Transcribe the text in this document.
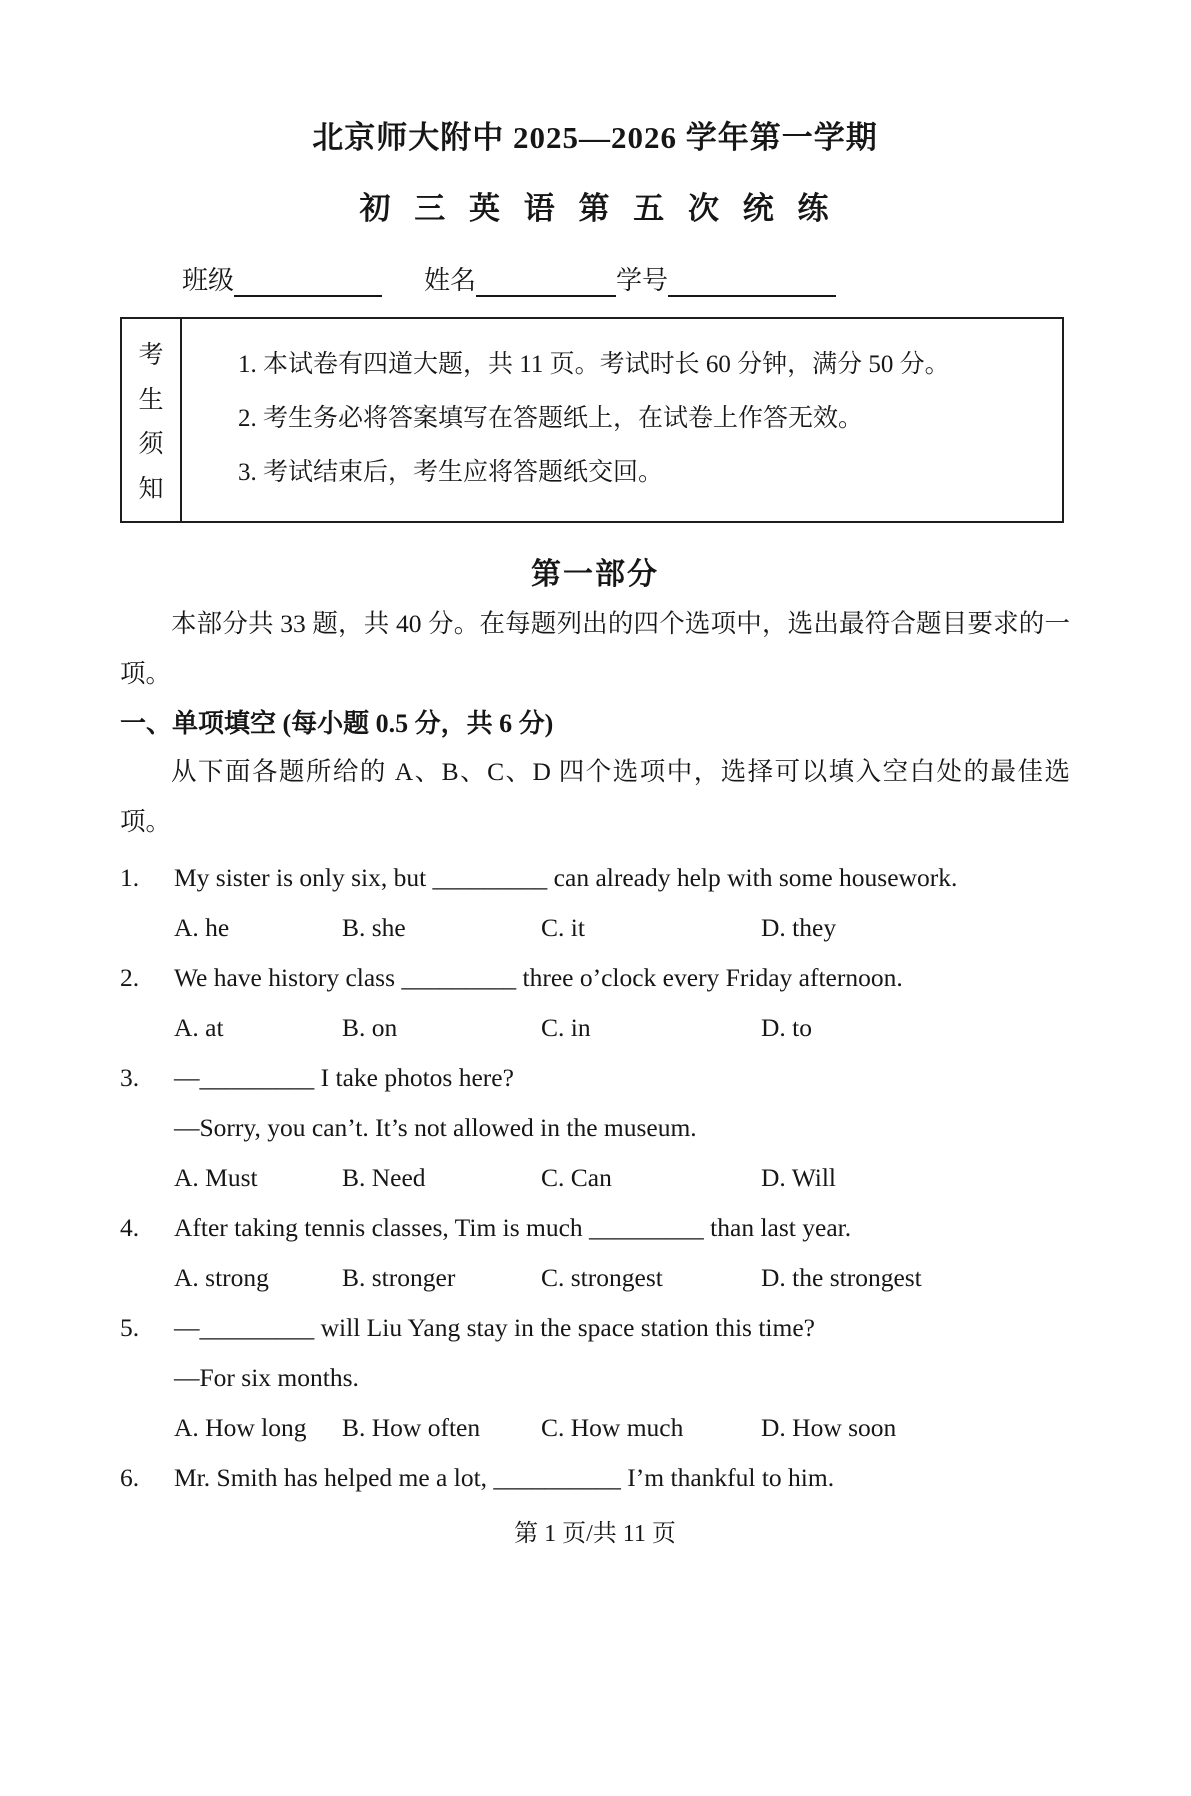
北京师大附中 2025—2026 学年第一学期
初 三 英 语 第 五 次 统 练
班级	姓名	学号
考
生
须
知
1. 本试卷有四道大题，共 11 页。考试时长 60 分钟，满分 50 分。
2. 考生务必将答案填写在答题纸上，在试卷上作答无效。
3. 考试结束后，考生应将答题纸交回。
第一部分
本部分共 33 题，共 40 分。在每题列出的四个选项中，选出最符合题目要求的一项。
一、单项填空 (每小题 0.5 分，共 6 分)
从下面各题所给的 A、B、C、D 四个选项中，选择可以填入空白处的最佳选项。
1.	My sister is only six, but _________ can already help with some housework.
A. he	B. she	C. it	D. they
2.	We have history class _________ three o’clock every Friday afternoon.
A. at	B. on	C. in	D. to
3.	—_________ I take photos here?
—Sorry, you can’t. It’s not allowed in the museum.
A. Must	B. Need	C. Can	D. Will
4.	After taking tennis classes, Tim is much _________ than last year.
A. strong	B. stronger	C. strongest	D. the strongest
5.	—_________ will Liu Yang stay in the space station this time?
—For six months.
A. How long	B. How often	C. How much	D. How soon
6.	Mr. Smith has helped me a lot, __________ I’m thankful to him.
第 1 页/共 11 页
